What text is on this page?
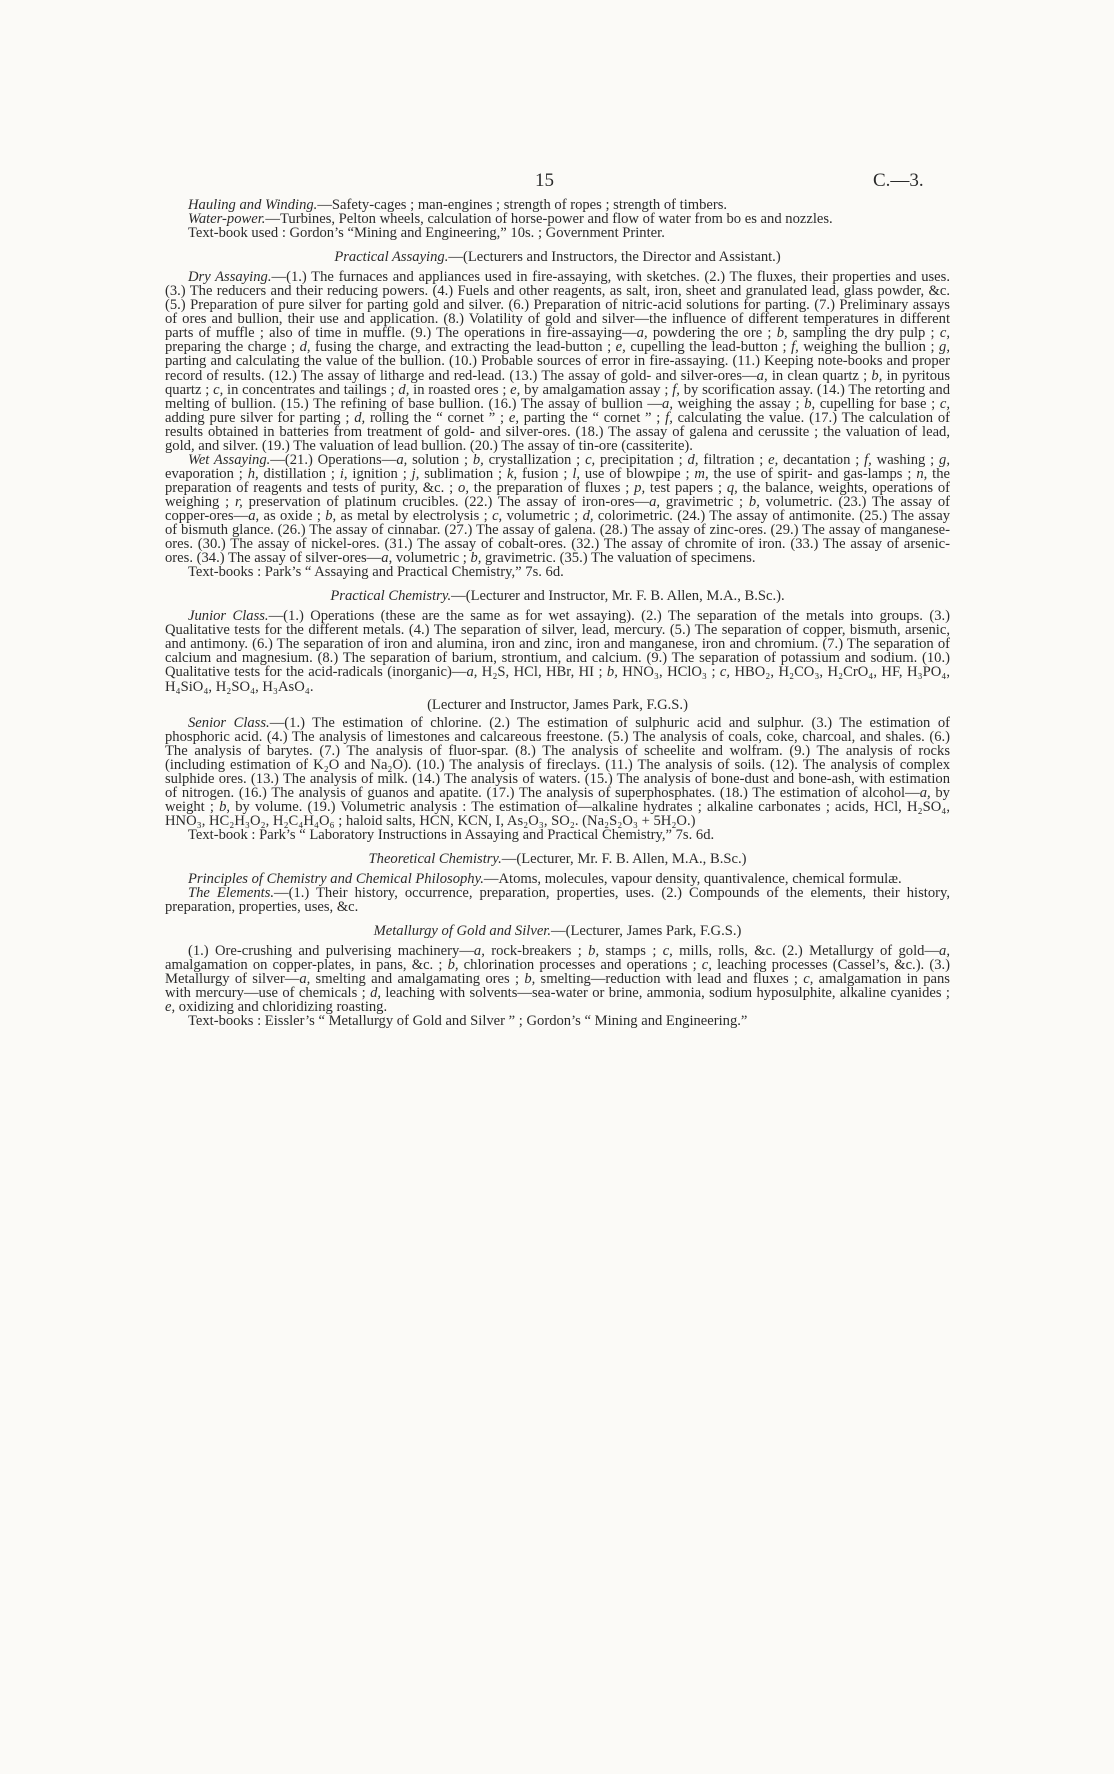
15	C.—3.

Hauling and Winding.—Safety-cages ; man-engines ; strength of ropes ; strength of timbers.

Water-power.—Turbines, Pelton wheels, calculation of horse-power and flow of water from bo es and nozzles.

Text-book used : Gordon’s “Mining and Engineering,” 10s. ; Government Printer.

Practical Assaying.—(Lecturers and Instructors, the Director and Assistant.)

Dry Assaying.—(1.) The furnaces and appliances used in fire-assaying, with sketches. (2.) The fluxes, their properties and uses. (3.) The reducers and their reducing powers. (4.) Fuels and other reagents, as salt, iron, sheet and granulated lead, glass powder, &c. (5.) Preparation of pure silver for parting gold and silver. (6.) Preparation of nitric-acid solutions for parting. (7.) Preliminary assays of ores and bullion, their use and application. (8.) Volatility of gold and silver—the influence of different temperatures in different parts of muffle ; also of time in muffle. (9.) The operations in fire-assaying—a, powdering the ore ; b, sampling the dry pulp ; c, preparing the charge ; d, fusing the charge, and extracting the lead-button ; e, cupelling the lead-button ; f, weighing the bullion ; g, parting and calculating the value of the bullion. (10.) Probable sources of error in fire-assaying. (11.) Keeping note-books and proper record of results. (12.) The assay of litharge and red-lead. (13.) The assay of gold- and silver-ores—a, in clean quartz ; b, in pyritous quartz ; c, in concentrates and tailings ; d, in roasted ores ; e, by amalgamation assay ; f, by scorification assay. (14.) The retorting and melting of bullion. (15.) The refining of base bullion. (16.) The assay of bullion —a, weighing the assay ; b, cupelling for base ; c, adding pure silver for parting ; d, rolling the “ cornet ” ; e, parting the “ cornet ” ; f, calculating the value. (17.) The calculation of results obtained in batteries from treatment of gold- and silver-ores. (18.) The assay of galena and cerussite ; the valuation of lead, gold, and silver. (19.) The valuation of lead bullion. (20.) The assay of tin-ore (cassiterite).

Wet Assaying.—(21.) Operations—a, solution ; b, crystallization ; c, precipitation ; d, filtration ; e, decantation ; f, washing ; g, evaporation ; h, distillation ; i, ignition ; j, sublimation ; k, fusion ; l, use of blowpipe ; m, the use of spirit- and gas-lamps ; n, the preparation of reagents and tests of purity, &c. ; o, the preparation of fluxes ; p, test papers ; q, the balance, weights, operations of weighing ; r, preservation of platinum crucibles. (22.) The assay of iron-ores—a, gravimetric ; b, volumetric. (23.) The assay of copper-ores—a, as oxide ; b, as metal by electrolysis ; c, volumetric ; d, colorimetric. (24.) The assay of antimonite. (25.) The assay of bismuth glance. (26.) The assay of cinnabar. (27.) The assay of galena. (28.) The assay of zinc-ores. (29.) The assay of manganese-ores. (30.) The assay of nickel-ores. (31.) The assay of cobalt-ores. (32.) The assay of chromite of iron. (33.) The assay of arsenic-ores. (34.) The assay of silver-ores—a, volumetric ; b, gravimetric. (35.) The valuation of specimens.

Text-books : Park’s “ Assaying and Practical Chemistry,” 7s. 6d.

Practical Chemistry.—(Lecturer and Instructor, Mr. F. B. Allen, M.A., B.Sc.).

Junior Class.—(1.) Operations (these are the same as for wet assaying). (2.) The separation of the metals into groups. (3.) Qualitative tests for the different metals. (4.) The separation of silver, lead, mercury. (5.) The separation of copper, bismuth, arsenic, and antimony. (6.) The separation of iron and alumina, iron and zinc, iron and manganese, iron and chromium. (7.) The separation of calcium and magnesium. (8.) The separation of barium, strontium, and calcium. (9.) The separation of potassium and sodium. (10.) Qualitative tests for the acid-radicals (inorganic)—a, H₂S, HCl, HBr, HI ; b, HNO₃, HClO₃ ; c, HBO₂, H₂CO₃, H₂CrO₄, HF, H₃PO₄, H₄SiO₄, H₂SO₄, H₃AsO₄.

(Lecturer and Instructor, James Park, F.G.S.)

Senior Class.—(1.) The estimation of chlorine. (2.) The estimation of sulphuric acid and sulphur. (3.) The estimation of phosphoric acid. (4.) The analysis of limestones and calcareous freestone. (5.) The analysis of coals, coke, charcoal, and shales. (6.) The analysis of barytes. (7.) The analysis of fluor-spar. (8.) The analysis of scheelite and wolfram. (9.) The analysis of rocks (including estimation of K₂O and Na₂O). (10.) The analysis of fireclays. (11.) The analysis of soils. (12). The analysis of complex sulphide ores. (13.) The analysis of milk. (14.) The analysis of waters. (15.) The analysis of bone-dust and bone-ash, with estimation of nitrogen. (16.) The analysis of guanos and apatite. (17.) The analysis of superphosphates. (18.) The estimation of alcohol—a, by weight ; b, by volume. (19.) Volumetric analysis : The estimation of—alkaline hydrates ; alkaline carbonates ; acids, HCl, H₂SO₄, HNO₃, HC₂H₃O₂, H₂C₄H₄O₆ ; haloid salts, HCN, KCN, I, As₂O₃, SO₂. (Na₂S₂O₃ + 5H₂O.)

Text-book : Park’s “ Laboratory Instructions in Assaying and Practical Chemistry,” 7s. 6d.

Theoretical Chemistry.—(Lecturer, Mr. F. B. Allen, M.A., B.Sc.)

Principles of Chemistry and Chemical Philosophy.—Atoms, molecules, vapour density, quantivalence, chemical formulæ.

The Elements.—(1.) Their history, occurrence, preparation, properties, uses. (2.) Compounds of the elements, their history, preparation, properties, uses, &c.

Metallurgy of Gold and Silver.—(Lecturer, James Park, F.G.S.)

(1.) Ore-crushing and pulverising machinery—a, rock-breakers ; b, stamps ; c, mills, rolls, &c. (2.) Metallurgy of gold—a, amalgamation on copper-plates, in pans, &c. ; b, chlorination processes and operations ; c, leaching processes (Cassel’s, &c.). (3.) Metallurgy of silver—a, smelting and amalgamating ores ; b, smelting—reduction with lead and fluxes ; c, amalgamation in pans with mercury—use of chemicals ; d, leaching with solvents—sea-water or brine, ammonia, sodium hyposulphite, alkaline cyanides ; e, oxidizing and chloridizing roasting.

Text-books : Eissler’s “ Metallurgy of Gold and Silver ” ; Gordon’s “ Mining and Engineering.”
